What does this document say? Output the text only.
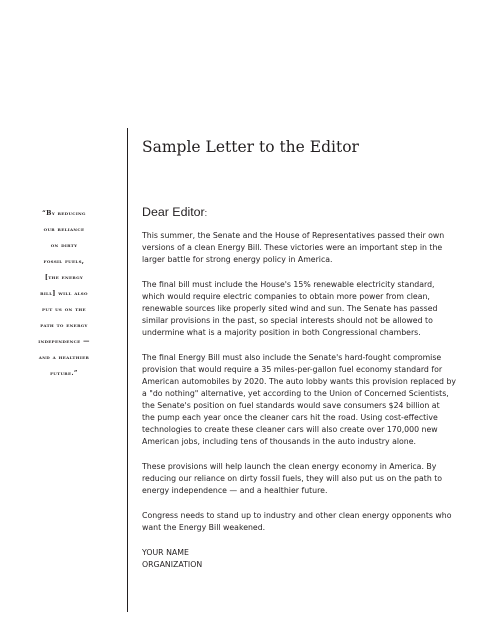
Sample Letter to the Editor
“By reducing
our reliance
on dirty
fossil fuels,
[the energy
bill] will also
put us on the
path to energy
independence —
and a healthier
future.”

Dear Editor:

This summer, the Senate and the House of Representatives passed their own
versions of a clean Energy Bill. These victories were an important step in the
larger battle for strong energy policy in America.

The final bill must include the House's 15% renewable electricity standard,
which would require electric companies to obtain more power from clean,
renewable sources like properly sited wind and sun. The Senate has passed
similar provisions in the past, so special interests should not be allowed to
undermine what is a majority position in both Congressional chambers.

The final Energy Bill must also include the Senate's hard-fought compromise
provision that would require a 35 miles-per-gallon fuel economy standard for
American automobiles by 2020. The auto lobby wants this provision replaced by
a "do nothing" alternative, yet according to the Union of Concerned Scientists,
the Senate's position on fuel standards would save consumers $24 billion at
the pump each year once the cleaner cars hit the road. Using cost-effective
technologies to create these cleaner cars will also create over 170,000 new
American jobs, including tens of thousands in the auto industry alone.

These provisions will help launch the clean energy economy in America. By
reducing our reliance on dirty fossil fuels, they will also put us on the path to
energy independence — and a healthier future.

Congress needs to stand up to industry and other clean energy opponents who
want the Energy Bill weakened.

YOUR NAME
ORGANIZATION
